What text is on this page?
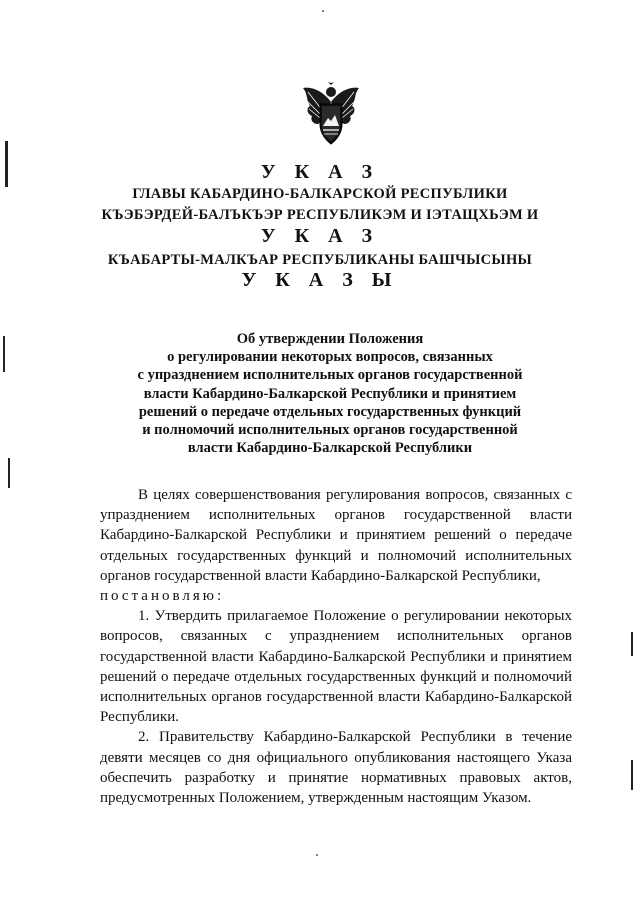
У К А З
ГЛАВЫ КАБАРДИНО-БАЛКАРСКОЙ РЕСПУБЛИКИ
КЪЭБЭРДЕЙ-БАЛЪКЪЭР РЕСПУБЛИКЭМ И ІЭТАЩХЬЭМ И
У К А З
КЪАБАРТЫ-МАЛКЪАР РЕСПУБЛИКАНЫ БАШЧЫСЫНЫ
У К А З Ы
Об утверждении Положения
о регулировании некоторых вопросов, связанных
с упразднением исполнительных органов государственной
власти Кабардино-Балкарской Республики и принятием
решений о передаче отдельных государственных функций
и полномочий исполнительных органов государственной
власти Кабардино-Балкарской Республики

В целях совершенствования регулирования вопросов, связанных с упразднением исполнительных органов государственной власти Кабардино-Балкарской Республики и принятием решений о передаче отдельных государственных функций и полномочий исполнительных органов государственной власти Кабардино-Балкарской Республики,

постановляю:

1. Утвердить прилагаемое Положение о регулировании некоторых вопросов, связанных с упразднением исполнительных органов государственной власти Кабардино-Балкарской Республики и принятием решений о передаче отдельных государственных функций и полномочий исполнительных органов государственной власти Кабардино-Балкарской Республики.

2. Правительству Кабардино-Балкарской Республики в течение девяти месяцев со дня официального опубликования настоящего Указа обеспечить разработку и принятие нормативных правовых актов, предусмотренных Положением, утвержденным настоящим Указом.
